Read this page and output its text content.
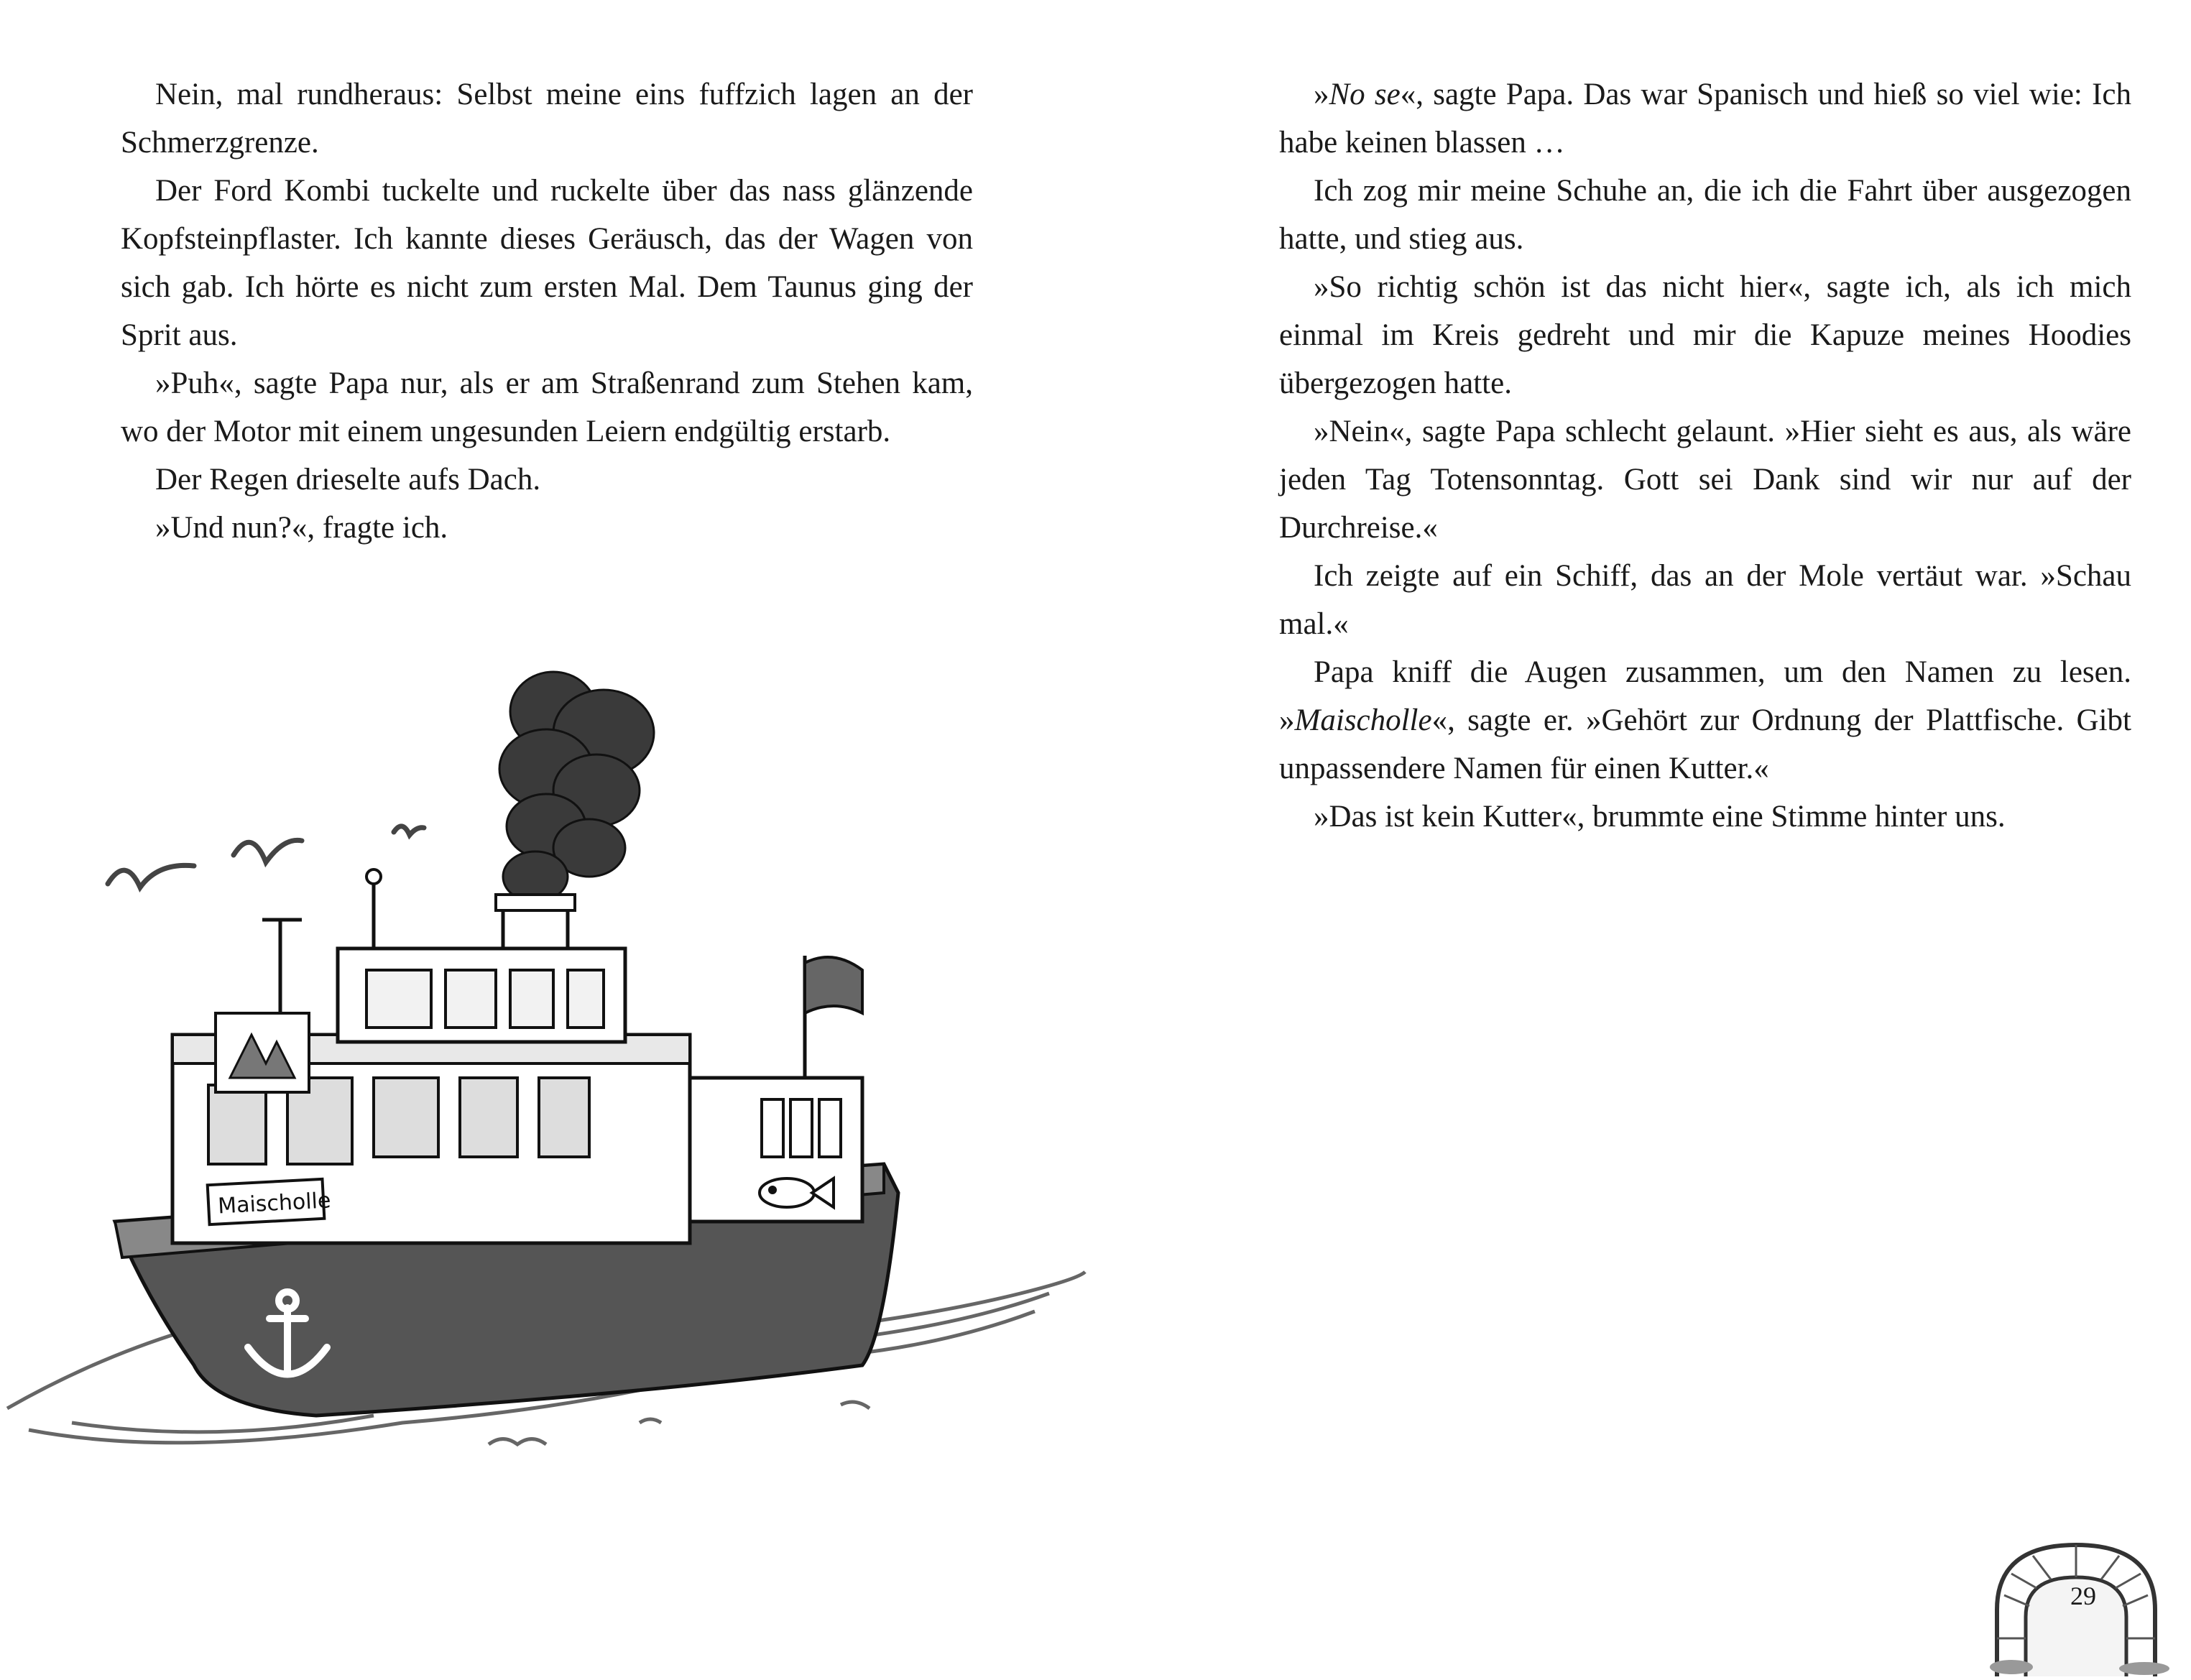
Nein, mal rundheraus: Selbst meine eins fuffzich lagen an der Schmerzgrenze.

Der Ford Kombi tuckelte und ruckelte über das nass glänzende Kopfsteinpflaster. Ich kannte dieses Geräusch, das der Wagen von sich gab. Ich hörte es nicht zum ersten Mal. Dem Taunus ging der Sprit aus.

»Puh«, sagte Papa nur, als er am Straßenrand zum Stehen kam, wo der Motor mit einem ungesunden Leiern endgültig erstarb.

Der Regen drieselte aufs Dach.

»Und nun?«, fragte ich.

Maischolle

»No se«, sagte Papa. Das war Spanisch und hieß so viel wie: Ich habe keinen blassen …

Ich zog mir meine Schuhe an, die ich die Fahrt über ausgezogen hatte, und stieg aus.

»So richtig schön ist das nicht hier«, sagte ich, als ich mich einmal im Kreis gedreht und mir die Kapuze meines Hoodies übergezogen hatte.

»Nein«, sagte Papa schlecht gelaunt. »Hier sieht es aus, als wäre jeden Tag Totensonntag. Gott sei Dank sind wir nur auf der Durchreise.«

Ich zeigte auf ein Schiff, das an der Mole vertäut war. »Schau mal.«

Papa kniff die Augen zusammen, um den Namen zu lesen. »Maischolle«, sagte er. »Gehört zur Ordnung der Plattfische. Gibt unpassendere Namen für einen Kutter.«

»Das ist kein Kutter«, brummte eine Stimme hinter uns.

29
